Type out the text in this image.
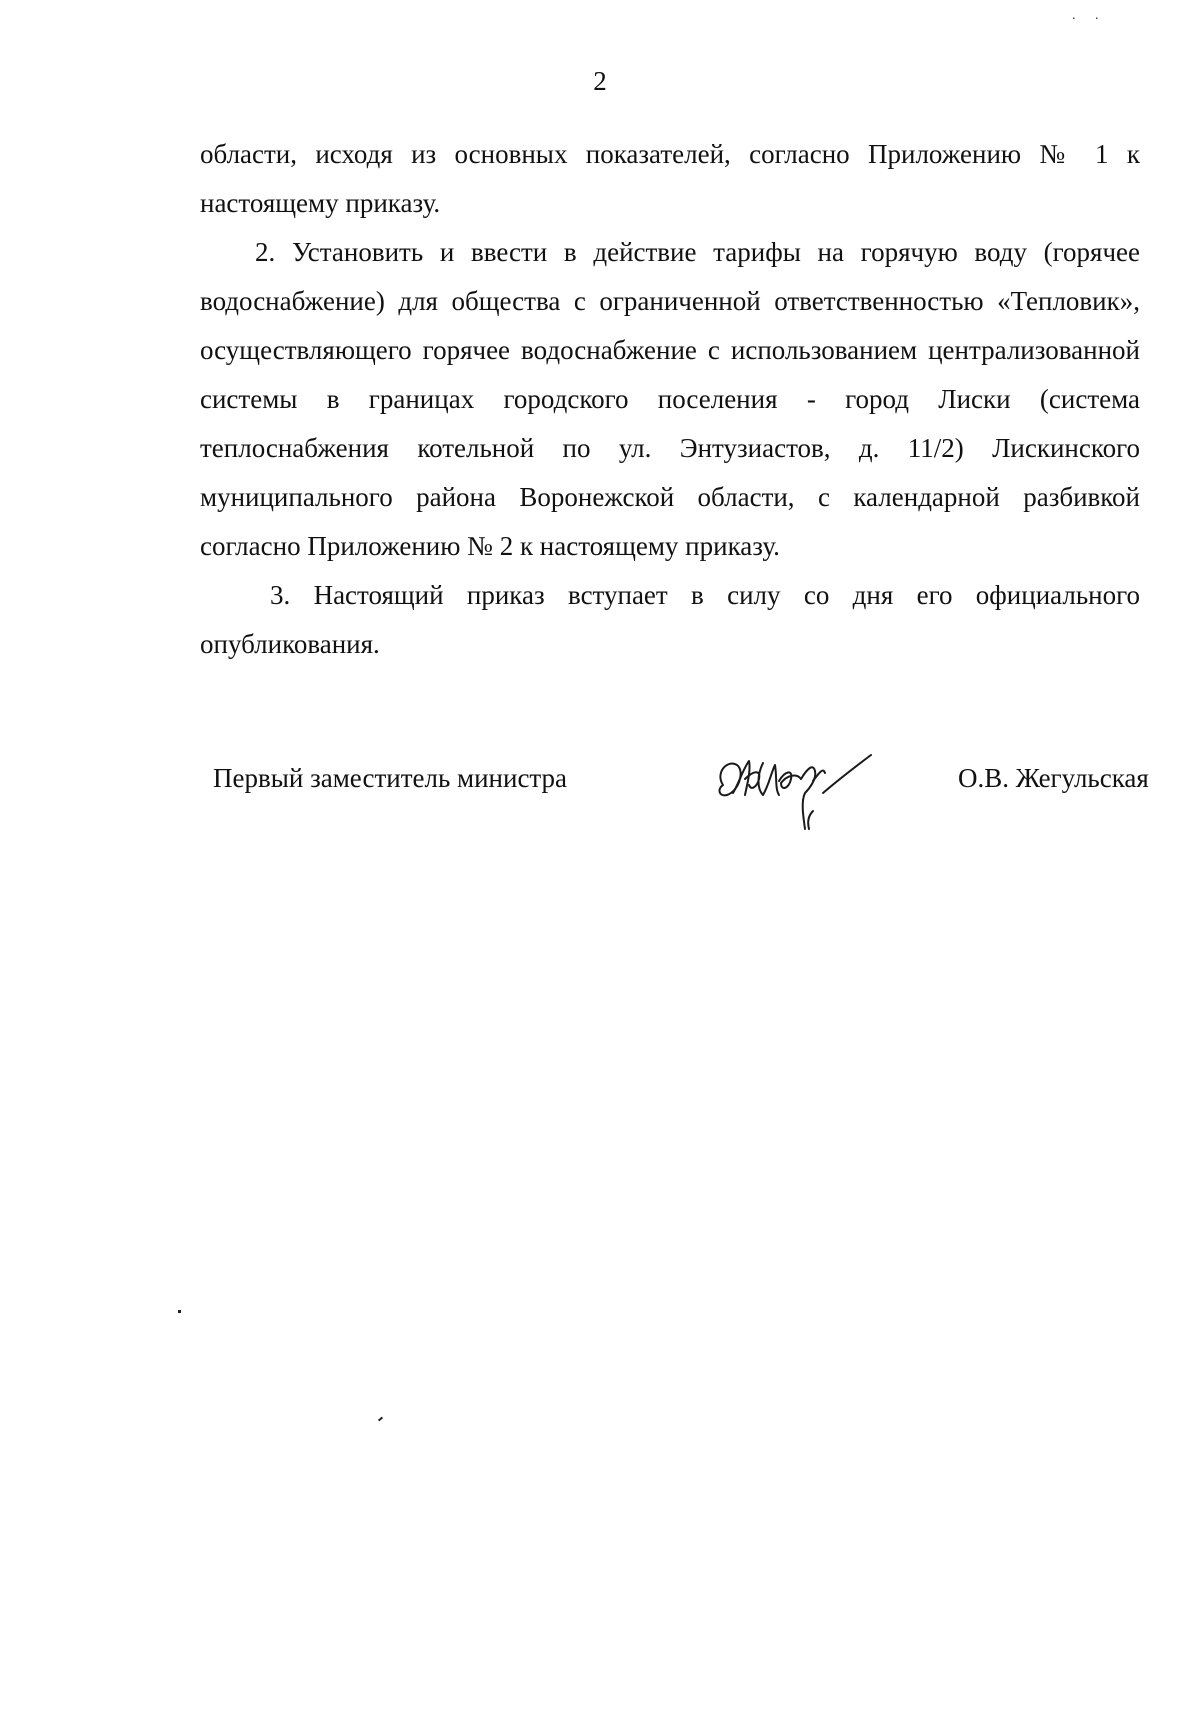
. .
2

области, исходя из основных показателей, согласно Приложению № 1 к настоящему приказу.

2. Установить и ввести в действие тарифы на горячую воду (горячее водоснабжение) для общества с ограниченной ответственностью «Тепловик», осуществляющего горячее водоснабжение с использованием централизованной системы в границах городского поселения - город Лиски (система теплоснабжения котельной по ул. Энтузиастов, д. 11/2) Лискинского муниципального района Воронежской области, с календарной разбивкой согласно Приложению № 2 к настоящему приказу.

3. Настоящий приказ вступает в силу со дня его официального опубликования.

Первый заместитель министра	О.В. Жегульская
